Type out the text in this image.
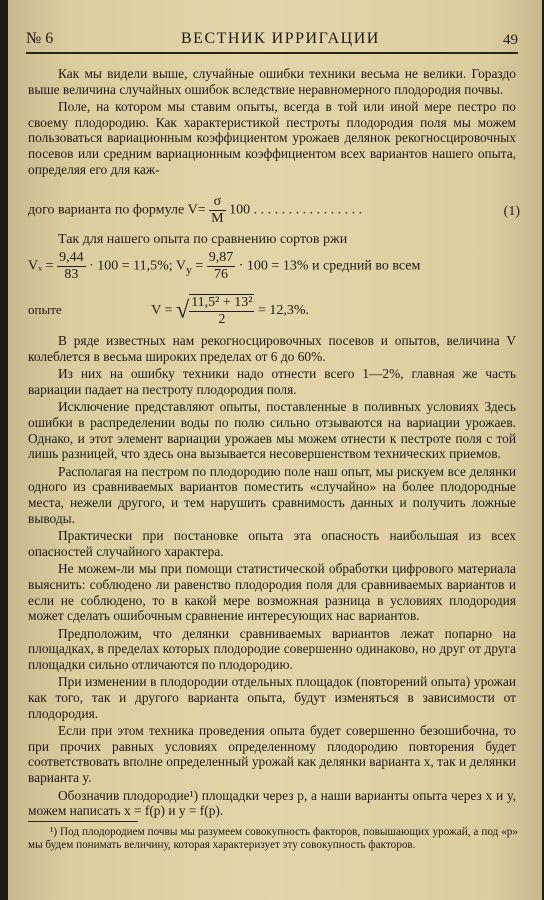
№ 6	ВЕСТНИК ИРРИГАЦИИ	49

Как мы видели выше, случайные ошибки техники весьма не велики. Гораздо выше величина случайных ошибок вследствие неравномерного плодородия почвы.

Поле, на котором мы ставим опыты, всегда в той или иной мере пестро по своему плодородию. Как характеристикой пестроты плодородия поля мы можем пользоваться вариационным коэффициентом урожаев делянок рекогносцировочных посевов или средним вариационным коэффициентом всех вариантов нашего опыта, определяя его для каж-

дого варианта по формуле $V= \frac{\sigma}{M} 100$ . . . . . . . . . . . . . . . .	(1)

Так для нашего опыта по сравнению сортов ржи

$V_x = \frac{9,44}{83} \cdot 100 = 11,5\%$; $V_y = \frac{9,87}{76} \cdot 100 = 13\%$ и средний во всем
опыте	V = √ $\frac{\text{11,5² + 13²}}{2} = 12,3\%$.

В ряде известных нам рекогносцировочных посевов и опытов, величина V колеблется в весьма широких пределах от 6 до 60%.

Из них на ошибку техники надо отнести всего 1—2%, главная же часть вариации падает на пестроту плодородия поля.

Исключение представляют опыты, поставленные в поливных условиях Здесь ошибки в распределении воды по полю сильно отзываются на вариации урожаев. Однако, и этот элемент вариации урожаев мы можем отнести к пестроте поля с той лишь разницей, что здесь она вызывается несовершенством технических приемов.

Располагая на пестром по плодородию поле наш опыт, мы рискуем все делянки одного из сравниваемых вариантов поместить «случайно» на более плодородные места, нежели другого, и тем нарушить сравнимость данных и получить ложные выводы.

Практически при постановке опыта эта опасность наибольшая из всех опасностей случайного характера.

Не можем-ли мы при помощи статистической обработки цифрового материала выяснить: соблюдено ли равенство плодородия поля для сравниваемых вариантов и если не соблюдено, то в какой мере возможная разница в условиях плодородия может сделать ошибочным сравнение интересующих нас вариантов.

Предположим, что делянки сравниваемых вариантов лежат попарно на площадках, в пределах которых плодородие совершенно одинаково, но друг от друга площадки сильно отличаются по плодородию.

При изменении в плодородии отдельных площадок (повторений опыта) урожаи как того, так и другого варианта опыта, будут изменяться в зависимости от плодородия.

Если при этом техника проведения опыта будет совершенно безошибочна, то при прочих равных условиях определенному плодородию повторения будет соответствовать вполне определенный урожай как делянки варианта x, так и делянки варианта y.

Обозначив плодородие¹) площадки через p, а наши варианты опыта через x и y, можем написать x = f(p) и y = f(p).

¹) Под плодородием почвы мы разумеем совокупность факторов, повышающих урожай, а под «p» мы будем понимать величину, которая характеризует эту совокупность факторов.
